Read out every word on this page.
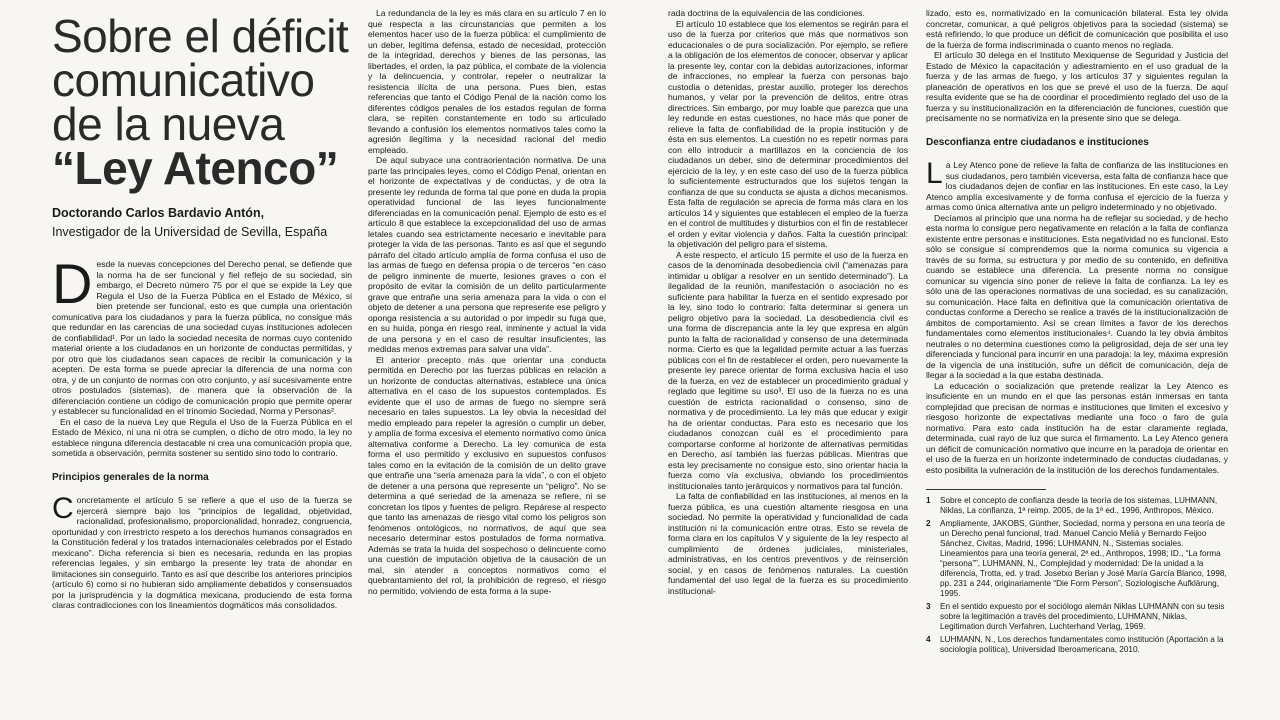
Sobre el déficit
comunicativo
de la nueva
“Ley Atenco”
Doctorando Carlos Bardavio Antón,
Investigador de la Universidad de Sevilla, España

Desde la nuevas concepciones del Derecho penal, se defiende que la norma ha de ser funcional y fiel reflejo de su sociedad, sin embargo, el Decreto número 75 por el que se expide la Ley que Regula el Uso de la Fuerza Pública en el Estado de México, si bien pretende ser funcional, esto es que cumpla una orientación comunicativa para los ciudadanos y para la fuerza pública, no consigue más que redundar en las carencias de una sociedad cuyas instituciones adolecen de confiabilidad¹. Por un lado la sociedad necesita de normas cuyo contenido material oriente a los ciudadanos en un horizonte de conductas permitidas, y por otro que los ciudadanos sean capaces de recibir la comunicación y la acepten. De esta forma se puede apreciar la diferencia de una norma con otra, y de un conjunto de normas con otro conjunto, y así sucesivamente entre otros postulados (sistemas), de manera que la observación de la diferenciación contiene un código de comunicación propio que permite operar y establecer su funcionalidad en el trinomio Sociedad, Norma y Personas².

En el caso de la nueva Ley que Regula el Uso de la Fuerza Pública en el Estado de México, ni una ni otra se cumplen, o dicho de otro modo, la ley no establece ninguna diferencia destacable ni crea una comunicación propia que, sometida a observación, permita sostener su sentido sino todo lo contrario.

Principios generales de la norma

Concretamente el artículo 5 se refiere a que el uso de la fuerza se ejercerá siempre bajo los “principios de legalidad, objetividad, racionalidad, profesionalismo, proporcionalidad, honradez, congruencia, oportunidad y con irrestricto respeto a los derechos humanos consagrados en la Constitución federal y los tratados internacionales celebrados por el Estado mexicano”. Dicha referencia si bien es necesaria, redunda en las propias referencias legales, y sin embargo la presente ley trata de ahondar en limitaciones sin conseguirlo. Tanto es así que describe los anteriores principios (artículo 6) como si no hubieran sido ampliamente debatidos y consensuados por la jurisprudencia y la dogmática mexicana, produciendo de esta forma claras contradicciones con los lineamientos dogmáticos más consolidados.

La redundancia de la ley es más clara en su artículo 7 en lo que respecta a las circunstancias que permiten a los elementos hacer uso de la fuerza pública: el cumplimiento de un deber, legítima defensa, estado de necesidad, protección de la integridad, derechos y bienes de las personas, las libertades, el orden, la paz pública, el combate de la violencia y la delincuencia, y controlar, repeler o neutralizar la resistencia ilícita de una persona. Pues bien, estas referencias que tanto el Código Penal de la nación como los diferentes códigos penales de los estados regulan de forma clara, se repiten constantemente en todo su articulado llevando a confusión los elementos normativos tales como la agresión ilegítima y la necesidad racional del medio empleado.

De aquí subyace una contraorientación normativa. De una parte las principales leyes, como el Código Penal, orientan en el horizonte de expectativas y de conductas, y de otra la presente ley redunda de forma tal que pone en duda la propia operatividad funcional de las leyes funcionalmente diferenciadas en la comunicación penal. Ejemplo de esto es el artículo 8 que establece la excepcionalidad del uso de armas letales cuando sea estrictamente necesario e inevitable para proteger la vida de las personas. Tanto es así que el segundo párrafo del citado artículo amplía de forma confusa el uso de las armas de fuego en defensa propia o de terceros “en caso de peligro inminente de muerte, lesiones graves o con el propósito de evitar la comisión de un delito particularmente grave que entrañe una seria amenaza para la vida o con el objeto de detener a una persona que represente ese peligro y oponga resistencia a su autoridad o por impedir su fuga que, en su huida, ponga en riesgo real, inminente y actual la vida de una persona y en el caso de resultar insuficientes, las medidas menos extremas para salvar una vida”.

El anterior precepto más que orientar una conducta permitida en Derecho por las fuerzas públicas en relación a un horizonte de conductas alternativas, establece una única alternativa en el caso de los supuestos contemplados. Es evidente que el uso de armas de fuego no siempre será necesario en tales supuestos. La ley obvia la necesidad del medio empleado para repeler la agresión o cumplir un deber, y amplía de forma excesiva el elemento normativo como única alternativa conforme a Derecho. La ley comunica de esta forma el uso permitido y exclusivo en supuestos confusos tales como en la evitación de la comisión de un delito grave que entrañe una “seria amenaza para la vida”, o con el objeto de detener a una persona que represente un “peligro”. No se determina a qué seriedad de la amenaza se refiere, ni se concretan los tipos y fuentes de peligro. Repárese al respecto que tanto las amenazas de riesgo vital como los peligros son fenómenos ontológicos, no normativos, de aquí que sea necesario determinar estos postulados de forma normativa. Además se trata la huida del sospechoso o delincuente como una cuestión de imputación objetiva de la causación de un mal, sin atender a conceptos normativos como el quebrantamiento del rol, la prohibición de regreso, el riesgo no permitido, volviendo de esta forma a la supe-

rada doctrina de la equivalencia de las condiciones.

El artículo 10 establece que los elementos se regirán para el uso de la fuerza por criterios que más que normativos son educacionales o de pura socialización. Por ejemplo, se refiere a la obligación de los elementos de conocer, observar y aplicar la presente ley, contar con la debidas autorizaciones, informar de infracciones, no emplear la fuerza con personas bajo custodia o detenidas, prestar auxilio, proteger los derechos humanos, y velar por la prevención de delitos, entre otras directrices. Sin embargo, por muy loable que parezca que una ley redunde en estas cuestiones, no hace más que poner de relieve la falta de confiabilidad de la propia institución y de ésta en sus elementos. La cuestión no es repetir normas para con ello introducir a martillazos en la conciencia de los ciudadanos un deber, sino de determinar procedimientos del ejercicio de la ley, y en este caso del uso de la fuerza pública lo suficientemente estructurados que los sujetos tengan la confianza de que su conducta se ajusta a dichos mecanismos. Esta falta de regulación se aprecia de forma más clara en los artículos 14 y siguientes que establecen el empleo de la fuerza en el control de multitudes y disturbios con el fin de restablecer el orden y evitar violencia y daños. Falta la cuestión principal: la objetivación del peligro para el sistema.

A este respecto, el artículo 15 permite el uso de la fuerza en casos de la denominada desobediencia civil (“amenazas para intimidar u obligar a resolver en un sentido determinado”). La ilegalidad de la reunión, manifestación o asociación no es suficiente para habilitar la fuerza en el sentido expresado por la ley, sino todo lo contrario: falta determinar si genera un peligro objetivo para la sociedad. La desobediencia civil es una forma de discrepancia ante la ley que expresa en algún punto la falta de racionalidad y consenso de una determinada norma. Cierto es que la legalidad permite actuar a las fuerzas públicas con el fin de restablecer el orden, pero nuevamente la presente ley parece orientar de forma exclusiva hacia el uso de la fuerza, en vez de establecer un procedimiento gradual y reglado que legitime su uso³. El uso de la fuerza no es una cuestión de estricta racionalidad o consenso, sino de normativa y de procedimiento. La ley más que educar y exigir ha de orientar conductas. Para esto es necesario que los ciudadanos conozcan cuál es el procedimiento para comportarse conforme al horizonte de alternativas permitidas en Derecho, así también las fuerzas públicas. Mientras que esta ley precisamente no consigue esto, sino orientar hacia la fuerza como vía exclusiva, obviando los procedimientos institucionales tanto jerárquicos y normativos para tal función.

La falta de confiabilidad en las instituciones, al menos en la fuerza pública, es una cuestión altamente riesgosa en una sociedad. No permite la operatividad y funcionalidad de cada institución ni la comunicación entre otras. Esto se revela de forma clara en los capítulos V y siguiente de la ley respecto al cumplimiento de órdenes judiciales, ministeriales, administrativas, en los centros preventivos y de reinserción social, y en casos de fenómenos naturales. La cuestión fundamental del uso legal de la fuerza es su procedimiento institucional-

lizado, esto es, normativizado en la comunicación bilateral. Esta ley olvida concretar, comunicar, a qué peligros objetivos para la sociedad (sistema) se está refiriendo, lo que produce un déficit de comunicación que posibilita el uso de la fuerza de forma indiscriminada o cuanto menos no reglada.

El artículo 30 delega en el Instituto Mexiquense de Seguridad y Justicia del Estado de México la capacitación y adiestramiento en el uso gradual de la fuerza y de las armas de fuego, y los artículos 37 y siguientes regulan la planeación de operativos en los que se prevé el uso de la fuerza. De aquí resulta evidente que se ha de coordinar el procedimiento reglado del uso de la fuerza y su institucionalización en la diferenciación de funciones, cuestión que precisamente no se normativiza en la presente sino que se delega.

Desconfianza entre ciudadanos e instituciones

La Ley Atenco pone de relieve la falta de confianza de las instituciones en sus ciudadanos, pero también viceversa, esta falta de confianza hace que los ciudadanos dejen de confiar en las instituciones. En este caso, la Ley Atenco amplía excesivamente y de forma confusa el ejercicio de la fuerza y armas como única alternativa ante un peligro indeterminado y no objetivado.

Decíamos al principio que una norma ha de reflejar su sociedad, y de hecho esta norma lo consigue pero negativamente en relación a la falta de confianza existente entre personas e instituciones. Esta negatividad no es funcional. Esto sólo se consigue si comprendemos que la norma comunica su vigencia a través de su forma, su estructura y por medio de su contenido, en definitiva cuando se establece una diferencia. La presente norma no consigue comunicar su vigencia sino poner de relieve la falta de confianza. La ley es sólo una de las operaciones normativas de una sociedad, es su canalización, su comunicación. Hace falta en definitiva que la comunicación orientativa de conductas conforme a Derecho se realice a través de la institucionalización de ámbitos de comportamiento. Así se crean límites a favor de los derechos fundamentales como elementos institucionales⁴. Cuando la ley obvia ámbitos neutrales o no determina cuestiones como la peligrosidad, deja de ser una ley diferenciada y funcional para incurrir en una paradoja: la ley, máxima expresión de la vigencia de una institución, sufre un déficit de comunicación, deja de llegar a la sociedad a la que estaba destinada.

La educación o socialización que pretende realizar la Ley Atenco es insuficiente en un mundo en el que las personas están inmersas en tanta complejidad que precisan de normas e instituciones que limiten el excesivo y riesgoso horizonte de expectativas mediante una foco o faro de guía normativo. Para esto cada institución ha de estar claramente reglada, determinada, cual rayo de luz que surca el firmamento. La Ley Atenco genera un déficit de comunicación normativo que incurre en la paradoja de orientar en el uso de la fuerza en un horizonte indeterminado de conductas ciudadanas, y esto posibilita la vulneración de la institución de los derechos fundamentales.

1	Sobre el concepto de confianza desde la teoría de los sistemas, LUHMANN, Niklas, La confianza, 1ª reimp. 2005, de la 1ª ed., 1996, Anthropos, México.
2	Ampliamente, JAKOBS, Günther, Sociedad, norma y persona en una teoría de un Derecho penal funcional, trad. Manuel Cancio Meliá y Bernardo Feijoo Sánchez, Civitas, Madrid, 1996; LUHMANN, N., Sistemas sociales. Lineamientos para una teoría general, 2ª ed., Anthropos, 1998; ID., “La forma “persona””, LUHMANN, N., Complejidad y modernidad: De la unidad a la diferencia, Trotta, ed. y trad. Josetxo Berian y José María García Blanco, 1998, pp. 231 a 244, originariamente “Die Form Person”, Soziologische Aufklärung, 1995.
3	En el sentido expuesto por el sociólogo alemán Niklas LUHMANN con su tesis sobre la legitimación a través del procedimiento, LUHMANN, Niklas, Legitimation durch Verfahren, Luchterhand Verlag, 1969.
4	LUHMANN, N., Los derechos fundamentales como institución (Aportación a la sociología política), Universidad Iberoamericana, 2010.
